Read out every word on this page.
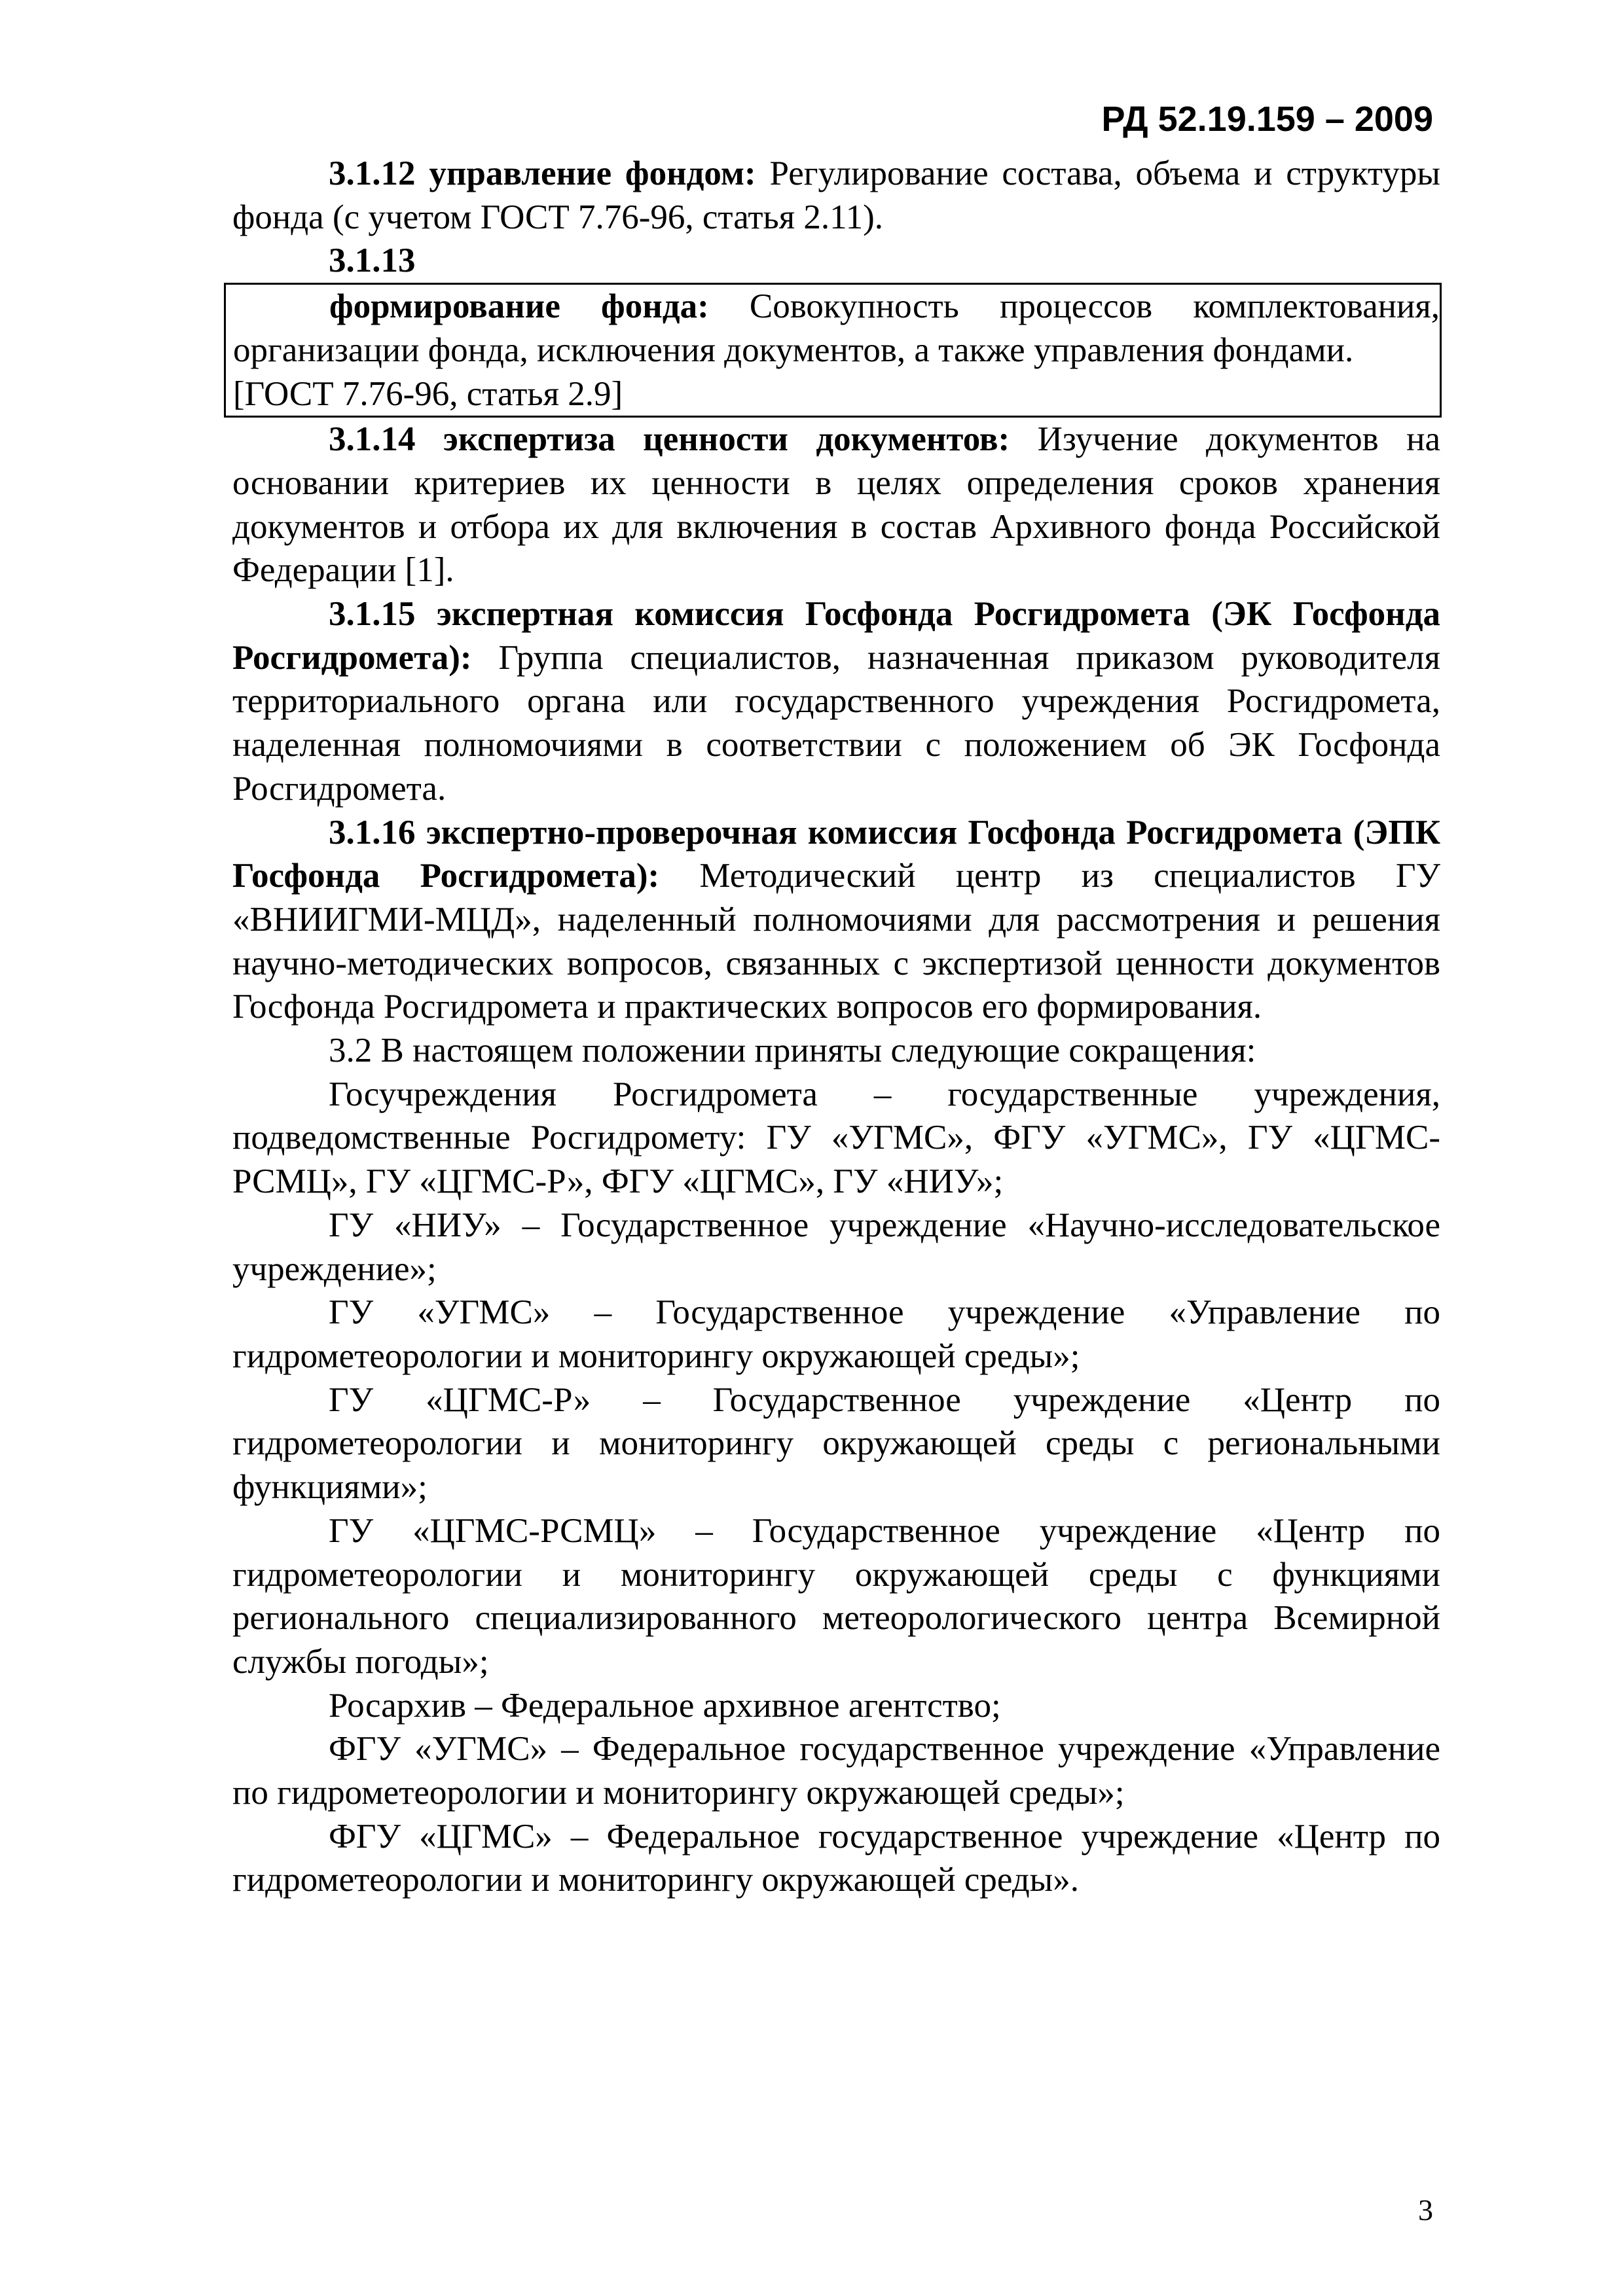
РД 52.19.159 – 2009

3.1.12 управление фондом: Регулирование состава, объема и структуры фонда (с учетом ГОСТ 7.76-96, статья 2.11).

3.1.13

формирование фонда: Совокупность процессов комплектования, организации фонда, исключения документов, а также управления фондами.

[ГОСТ 7.76-96, статья 2.9]

3.1.14 экспертиза ценности документов: Изучение документов на основании критериев их ценности в целях определения сроков хранения документов и отбора их для включения в состав Архивного фонда Российской Федерации [1].

3.1.15 экспертная комиссия Госфонда Росгидромета (ЭК Госфонда Росгидромета): Группа специалистов, назначенная приказом руководителя территориального органа или государственного учреждения Росгидромета, наделенная полномочиями в соответствии с положением об ЭК Госфонда Росгидромета.

3.1.16 экспертно-проверочная комиссия Госфонда Росгидромета (ЭПК Госфонда Росгидромета): Методический центр из специалистов ГУ «ВНИИГМИ-МЦД», наделенный полномочиями для рассмотрения и решения научно-методических вопросов, связанных с экспертизой ценности документов Госфонда Росгидромета и практических вопросов его формирования.

3.2 В настоящем положении приняты следующие сокращения:

Госучреждения Росгидромета – государственные учреждения, подведомственные Росгидромету: ГУ «УГМС», ФГУ «УГМС», ГУ «ЦГМС-РСМЦ», ГУ «ЦГМС-Р», ФГУ «ЦГМС», ГУ «НИУ»;

ГУ «НИУ» – Государственное учреждение «Научно-исследовательское учреждение»;

ГУ «УГМС» – Государственное учреждение «Управление по гидрометеорологии и мониторингу окружающей среды»;

ГУ «ЦГМС-Р» – Государственное учреждение «Центр по гидрометеорологии и мониторингу окружающей среды с региональными функциями»;

ГУ «ЦГМС-РСМЦ» – Государственное учреждение «Центр по гидрометеорологии и мониторингу окружающей среды с функциями регионального специализированного метеорологического центра Всемирной службы погоды»;

Росархив – Федеральное архивное агентство;

ФГУ «УГМС» – Федеральное государственное учреждение «Управление по гидрометеорологии и мониторингу окружающей среды»;

ФГУ «ЦГМС» – Федеральное государственное учреждение «Центр по гидрометеорологии и мониторингу окружающей среды».

3
